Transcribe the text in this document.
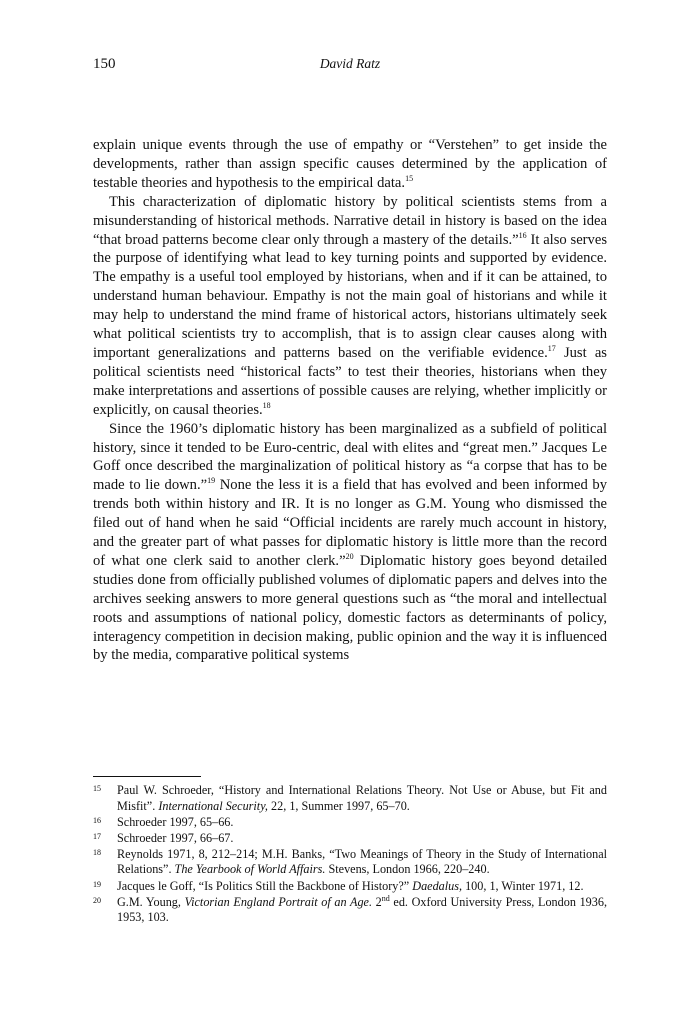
150	David Ratz

explain unique events through the use of empathy or “Verstehen” to get inside the developments, rather than assign specific causes determined by the application of testable theories and hypothesis to the empirical data.$^{15}$

This characterization of diplomatic history by political scientists stems from a misunderstanding of historical methods. Narrative detail in history is based on the idea “that broad patterns become clear only through a mastery of the details.”$^{16}$ It also serves the purpose of identifying what lead to key turning points and supported by evidence. The empathy is a useful tool employed by historians, when and if it can be attained, to understand human behaviour. Empathy is not the main goal of historians and while it may help to understand the mind frame of historical actors, historians ultimately seek what political scientists try to accomplish, that is to assign clear causes along with important generalizations and patterns based on the verifiable evidence.$^{17}$ Just as political scientists need “historical facts” to test their theories, historians when they make interpretations and assertions of possible causes are relying, whether implicitly or explicitly, on causal theories.$^{18}$

Since the 1960’s diplomatic history has been marginalized as a subfield of political history, since it tended to be Euro-centric, deal with elites and “great men.” Jacques Le Goff once described the marginalization of political history as “a corpse that has to be made to lie down.”$^{19}$ None the less it is a field that has evolved and been informed by trends both within history and IR. It is no longer as G.M. Young who dismissed the filed out of hand when he said “Official incidents are rarely much account in history, and the greater part of what passes for diplomatic history is little more than the record of what one clerk said to another clerk.”$^{20}$ Diplomatic history goes beyond detailed studies done from officially published volumes of diplomatic papers and delves into the archives seeking answers to more general questions such as “the moral and intellectual roots and assumptions of national policy, domestic factors as determinants of policy, interagency competition in decision making, public opinion and the way it is influenced by the media, comparative political systems

15	Paul W. Schroeder, “History and International Relations Theory. Not Use or Abuse, but Fit and Misfit”. International Security, 22, 1, Summer 1997, 65–70.
16	Schroeder 1997, 65–66.
17	Schroeder 1997, 66–67.
18	Reynolds 1971, 8, 212–214; M.H. Banks, “Two Meanings of Theory in the Study of International Relations”. The Yearbook of World Affairs. Stevens, London 1966, 220–240.
19	Jacques le Goff, “Is Politics Still the Backbone of History?” Daedalus, 100, 1, Winter 1971, 12.
20	G.M. Young, Victorian England Portrait of an Age. 2nd ed. Oxford University Press, London 1936, 1953, 103.
